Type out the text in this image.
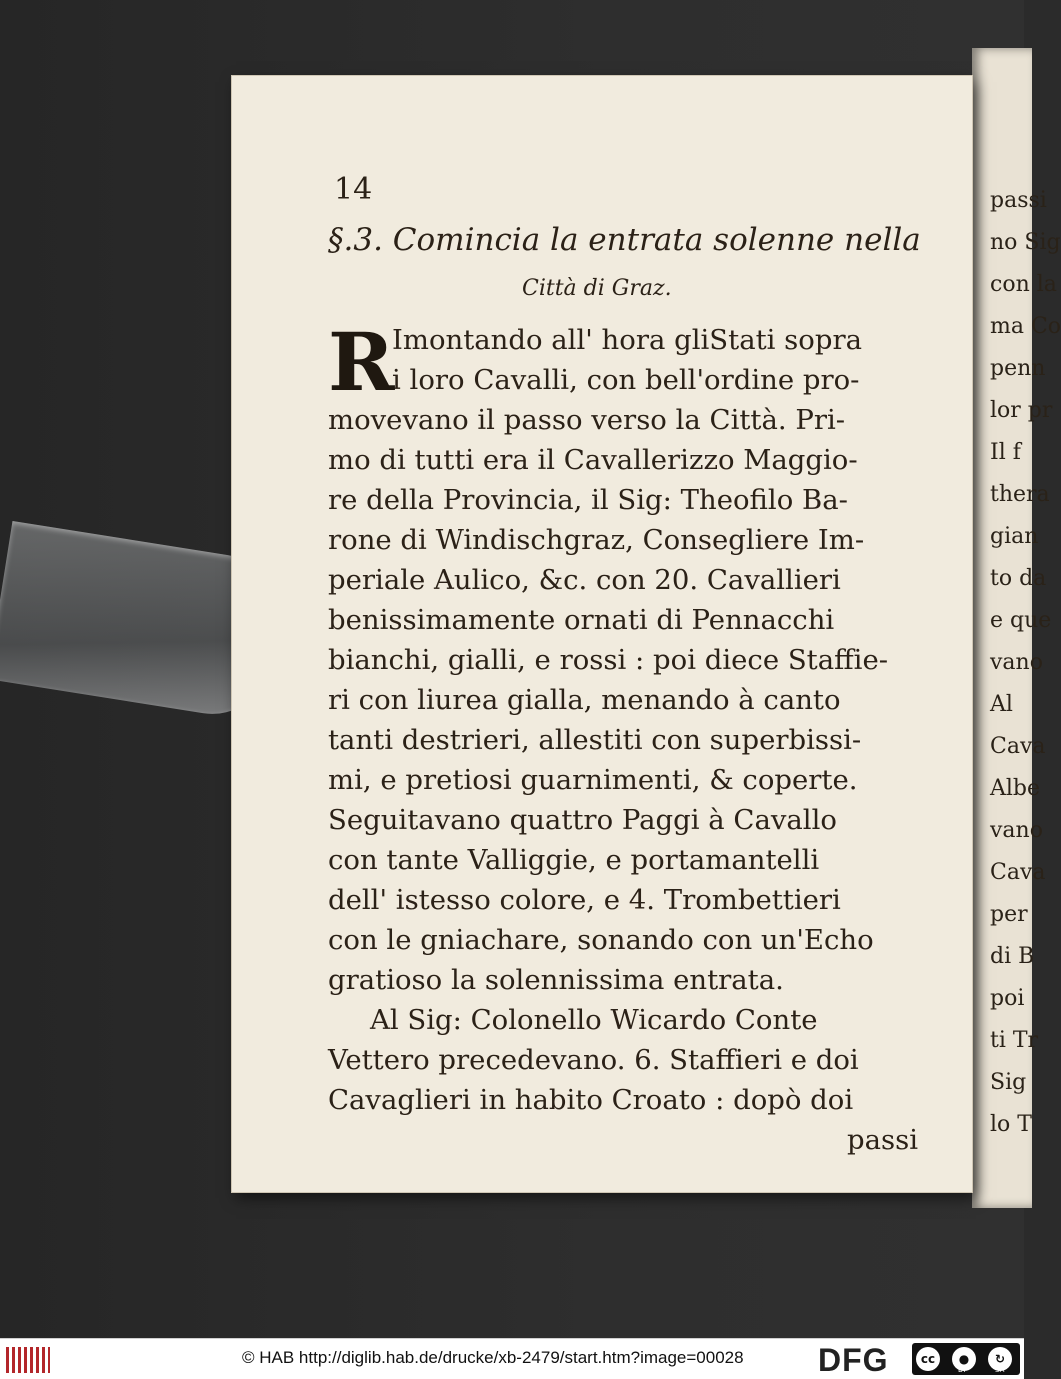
passi
no Sig
con la
ma Co
penn
lor pr
Il f
thera
gian
to da
e que
vano
Al
Cava
Albe
vano
Cava
per
di B
poi
ti Tr
Sig
lo T
14
§.3. Comincia la entrata solenne nella
Città di Graz.
R
Imontando all' hora gliStati sopra
i loro Cavalli, con bell'ordine pro-
movevano il passo verso la Città. Pri-
mo di tutti era il Cavallerizzo Maggio-
re della Provincia, il Sig: Theofilo Ba-
rone di Windischgraz, Consegliere Im-
periale Aulico, &c. con 20. Cavallieri
benissimamente ornati di Pennacchi
bianchi, gialli, e rossi : poi diece Staffie-
ri con liurea gialla, menando à canto
tanti destrieri, allestiti con superbissi-
mi, e pretiosi guarnimenti, & coperte.
Seguitavano quattro Paggi à Cavallo
con tante Valliggie, e portamantelli
dell' istesso colore, e 4. Trombettieri
con le gniachare, sonando con un'Echo
gratioso la solennissima entrata.
Al Sig: Colonello Wicardo Conte
Vettero precedevano. 6. Staffieri e doi
Cavaglieri in habito Croato : dopò doi
passi
© HAB http://diglib.hab.de/drucke/xb-2479/start.htm?image=00028 DFG	cc	●
BY
↻
SA
